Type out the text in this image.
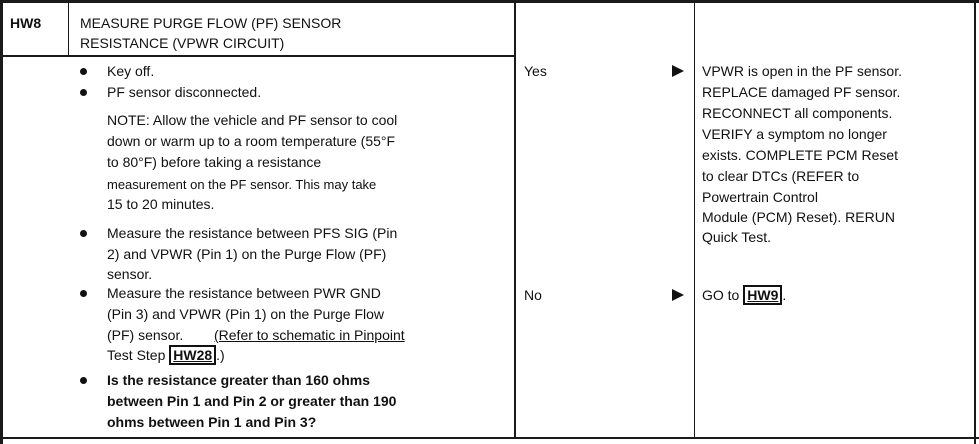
HW8	MEASURE PURGE FLOW (PF) SENSOR
RESISTANCE (VPWR CIRCUIT)
Key off.
PF sensor disconnected.
NOTE: Allow the vehicle and PF sensor to cool
down or warm up to a room temperature (55°F
to 80°F) before taking a resistance
measurement on the PF sensor. This may take
15 to 20 minutes.
Measure the resistance between PFS SIG (Pin
2) and VPWR (Pin 1) on the Purge Flow (PF)
sensor.
Measure the resistance between PWR GND
(Pin 3) and VPWR (Pin 1) on the Purge Flow
(PF) sensor. (Refer to schematic in Pinpoint
Test Step HW28 .)
Is the resistance greater than 160 ohms
between Pin 1 and Pin 2 or greater than 190
ohms between Pin 1 and Pin 3?
Yes
No
VPWR is open in the PF sensor.
REPLACE damaged PF sensor.
RECONNECT all components.
VERIFY a symptom no longer
exists. COMPLETE PCM Reset
to clear DTCs (REFER to
Powertrain Control
Module (PCM) Reset). RERUN
Quick Test.
GO to HW9 .
